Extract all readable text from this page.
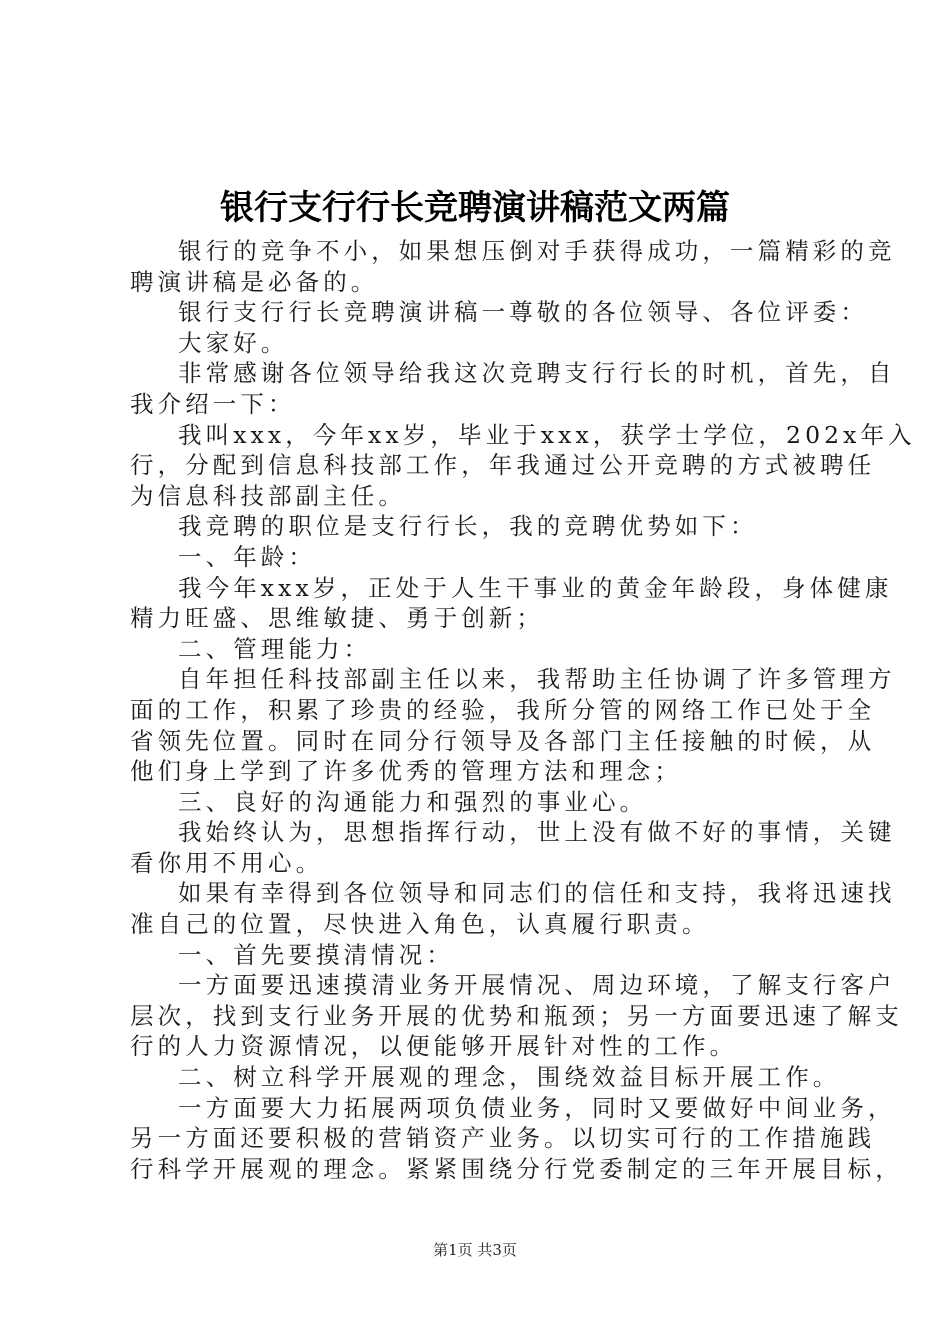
银行支行行长竞聘演讲稿范文两篇
银行的竞争不小，如果想压倒对手获得成功，一篇精彩的竞
聘演讲稿是必备的。
银行支行行长竞聘演讲稿一尊敬的各位领导、各位评委：
大家好。
非常感谢各位领导给我这次竞聘支行行长的时机，首先，自
我介绍一下：
我叫xxx，今年xx岁，毕业于xxx，获学士学位，202x年入
行，分配到信息科技部工作，年我通过公开竞聘的方式被聘任
为信息科技部副主任。
我竞聘的职位是支行行长，我的竞聘优势如下：
一、年龄：
我今年xxx岁，正处于人生干事业的黄金年龄段，身体健康
精力旺盛、思维敏捷、勇于创新；
二、管理能力：
自年担任科技部副主任以来，我帮助主任协调了许多管理方
面的工作，积累了珍贵的经验，我所分管的网络工作已处于全
省领先位置。同时在同分行领导及各部门主任接触的时候，从
他们身上学到了许多优秀的管理方法和理念；
三、良好的沟通能力和强烈的事业心。
我始终认为，思想指挥行动，世上没有做不好的事情，关键
看你用不用心。
如果有幸得到各位领导和同志们的信任和支持，我将迅速找
准自己的位置，尽快进入角色，认真履行职责。
一、首先要摸清情况：
一方面要迅速摸清业务开展情况、周边环境，了解支行客户
层次，找到支行业务开展的优势和瓶颈；另一方面要迅速了解支
行的人力资源情况，以便能够开展针对性的工作。
二、树立科学开展观的理念，围绕效益目标开展工作。
一方面要大力拓展两项负债业务，同时又要做好中间业务，
另一方面还要积极的营销资产业务。以切实可行的工作措施践
行科学开展观的理念。紧紧围绕分行党委制定的三年开展目标，
第1页 共3页
